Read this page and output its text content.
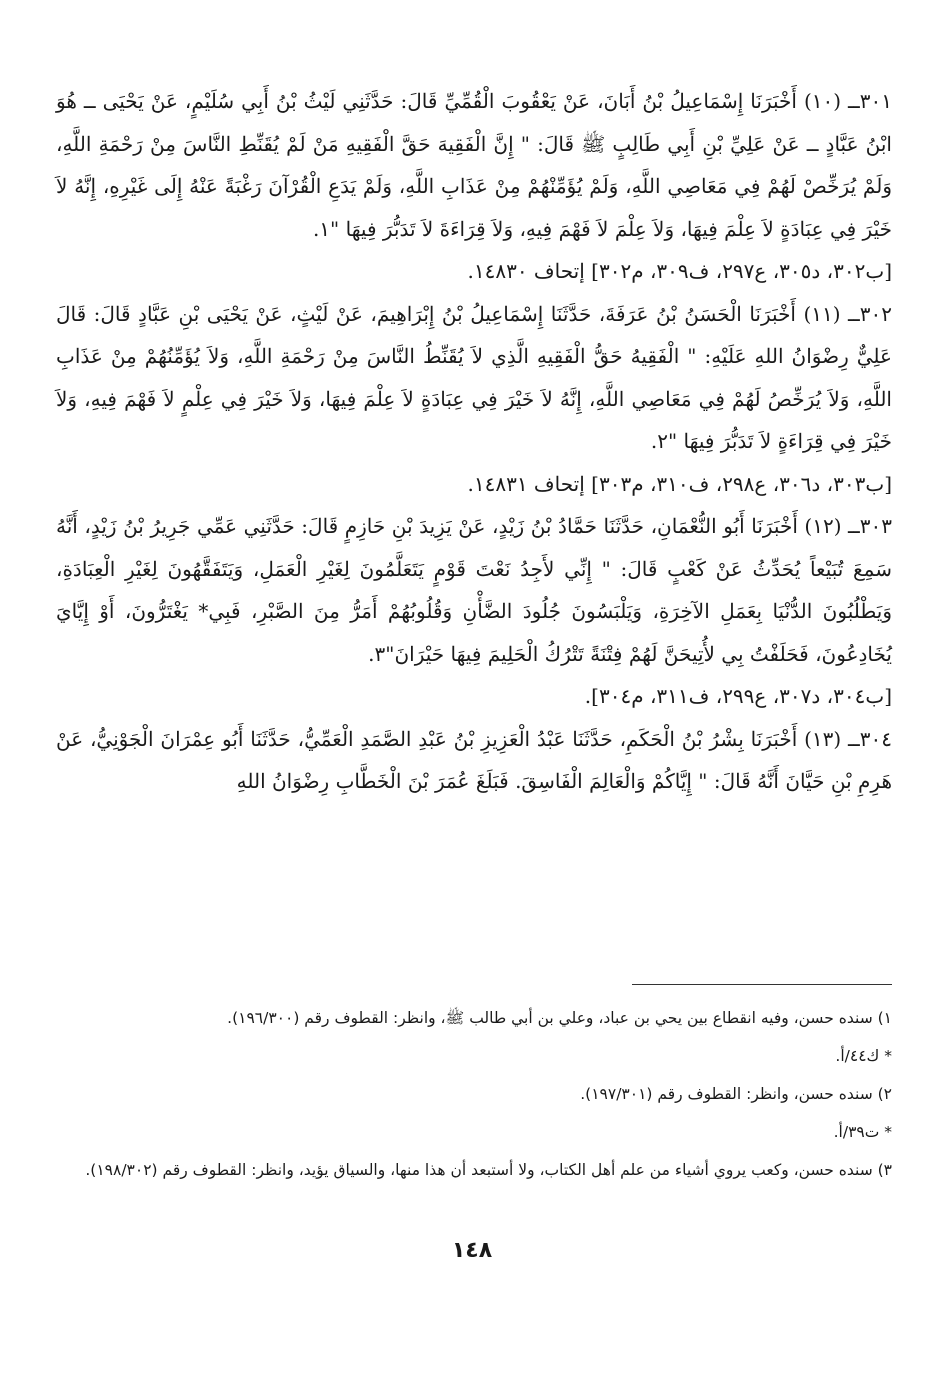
٣٠١ــ (١٠) أَخْبَرَنَا إِسْمَاعِيلُ بْنُ أَبَانَ، عَنْ يَعْقُوبَ الْقُمِّيِّ قَالَ: حَدَّثَنِي لَيْثُ بْنُ أَبِي سُلَيْمٍ، عَنْ يَحْيَى ــ هُوَ ابْنُ عَبَّادٍ ــ عَنْ عَلِيِّ بْنِ أَبِي طَالِبٍ ﷺ قَالَ: " إِنَّ الْفَقِيهَ حَقَّ الْفَقِيهِ مَنْ لَمْ يُقَنِّطِ النَّاسَ مِنْ رَحْمَةِ اللَّهِ، وَلَمْ يُرَخِّصْ لَهُمْ فِي مَعَاصِي اللَّهِ، وَلَمْ يُؤَمِّنْهُمْ مِنْ عَذَابِ اللَّهِ، وَلَمْ يَدَعِ الْقُرْآنَ رَغْبَةً عَنْهُ إِلَى غَيْرِهِ، إِنَّهُ لاَ خَيْرَ فِي عِبَادَةٍ لاَ عِلْمَ فِيهَا، وَلاَ عِلْمَ لاَ فَهْمَ فِيهِ، وَلاَ قِرَاءَةَ لاَ تَدَبُّرَ فِيهَا "١.

[ب٣٠٢، د٣٠٥، ع٢٩٧، ف٣٠٩، م٣٠٢] إتحاف ١٤٨٣٠.

٣٠٢ــ (١١) أَخْبَرَنَا الْحَسَنُ بْنُ عَرَفَةَ، حَدَّثَنَا إِسْمَاعِيلُ بْنُ إِبْرَاهِيمَ، عَنْ لَيْثٍ، عَنْ يَحْيَى بْنِ عَبَّادٍ قَالَ: قَالَ عَلِيٌّ رِضْوَانُ اللهِ عَلَيْهِ: " الْفَقِيهُ حَقُّ الْفَقِيهِ الَّذِي لاَ يُقَنِّطُ النَّاسَ مِنْ رَحْمَةِ اللَّهِ، وَلاَ يُؤَمِّنُهُمْ مِنْ عَذَابِ اللَّهِ، وَلاَ يُرَخِّصُ لَهُمْ فِي مَعَاصِي اللَّهِ، إِنَّهُ لاَ خَيْرَ فِي عِبَادَةٍ لاَ عِلْمَ فِيهَا، وَلاَ خَيْرَ فِي عِلْمٍ لاَ فَهْمَ فِيهِ، وَلاَ خَيْرَ فِي قِرَاءَةٍ لاَ تَدَبُّرَ فِيهَا "٢.

[ب٣٠٣، د٣٠٦، ع٢٩٨، ف٣١٠، م٣٠٣] إتحاف ١٤٨٣١.

٣٠٣ــ (١٢) أَخْبَرَنَا أَبُو النُّعْمَانِ، حَدَّثَنَا حَمَّادُ بْنُ زَيْدٍ، عَنْ يَزِيدَ بْنِ حَازِمٍ قَالَ: حَدَّثَنِي عَمِّي جَرِيرُ بْنُ زَيْدٍ، أَنَّهُ سَمِعَ تُبَيْعاً يُحَدِّثُ عَنْ كَعْبٍ قَالَ: " إِنِّي لأَجِدُ نَعْتَ قَوْمٍ يَتَعَلَّمُونَ لِغَيْرِ الْعَمَلِ، وَيَتَفَقَّهُونَ لِغَيْرِ الْعِبَادَةِ، وَيَطْلُبُونَ الدُّنْيَا بِعَمَلِ الآخِرَةِ، وَيَلْبَسُونَ جُلُودَ الضَّأْنِ وَقُلُوبُهُمْ أَمَرُّ مِنَ الصَّبْرِ، فَبِي* يَغْتَرُّونَ، أَوْ إِيَّايَ يُخَادِعُونَ، فَحَلَفْتُ بِي لأُتِيحَنَّ لَهُمْ فِتْنَةً تَتْرُكُ الْحَلِيمَ فِيهَا حَيْرَانَ"٣.

[ب٣٠٤، د٣٠٧، ع٢٩٩، ف٣١١، م٣٠٤].

٣٠٤ــ (١٣) أَخْبَرَنَا بِشْرُ بْنُ الْحَكَمِ، حَدَّثَنَا عَبْدُ الْعَزِيزِ بْنُ عَبْدِ الصَّمَدِ الْعَمِّيُّ، حَدَّثَنَا أَبُو عِمْرَانَ الْجَوْنِيُّ، عَنْ هَرِمِ بْنِ حَيَّانَ أَنَّهُ قَالَ: " إِيَّاكُمْ وَالْعَالِمَ الْفَاسِقَ. فَبَلَغَ عُمَرَ بْنَ الْخَطَّابِ رِضْوَانُ اللهِ

١) سنده حسن، وفيه انقطاع بين يحي بن عباد، وعلي بن أبي طالب ﷺ، وانظر: القطوف رقم (١٩٦/٣٠٠).

* ك٤٤/أ.

٢) سنده حسن، وانظر: القطوف رقم (١٩٧/٣٠١).

* ت٣٩/أ.

٣) سنده حسن، وكعب يروي أشياء من علم أهل الكتاب، ولا أستبعد أن هذا منها، والسياق يؤيد، وانظر: القطوف رقم (١٩٨/٣٠٢).

١٤٨
